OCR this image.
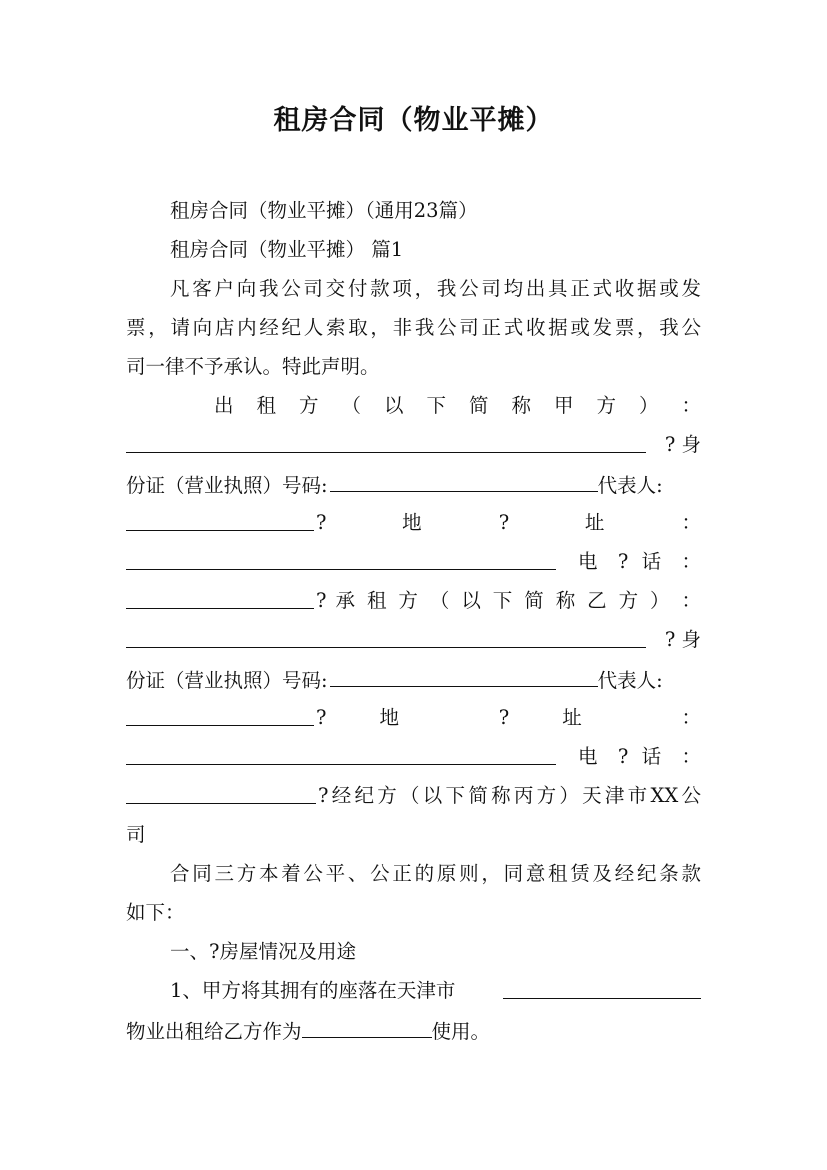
租房合同（物业平摊）
租房合同（物业平摊）（通用23篇）
租房合同（物业平摊） 篇1
凡客户向我公司交付款项，我公司均出具正式收据或发
票，请向店内经纪人索取，非我公司正式收据或发票，我公
司一律不予承认。特此声明。
出 租 方 （ 以 下 简 称 甲 方 ） ：
? 身
份证（营业执照）号码:	代表人:
? 地 ? 址 ：
电 ? 话 ：
? 承 租 方 （ 以 下 简 称 乙 方 ） ：
? 身
份证（营业执照）号码:	代表人:
? 地 ? 址 ：
电 ? 话 ：
?经纪方（以下简称丙方）天津市XX公
司
合同三方本着公平、公正的原则，同意租赁及经纪条款
如下：
一、?房屋情况及用途
1、甲方将其拥有的座落在天津市
物业出租给乙方作为	使用。
